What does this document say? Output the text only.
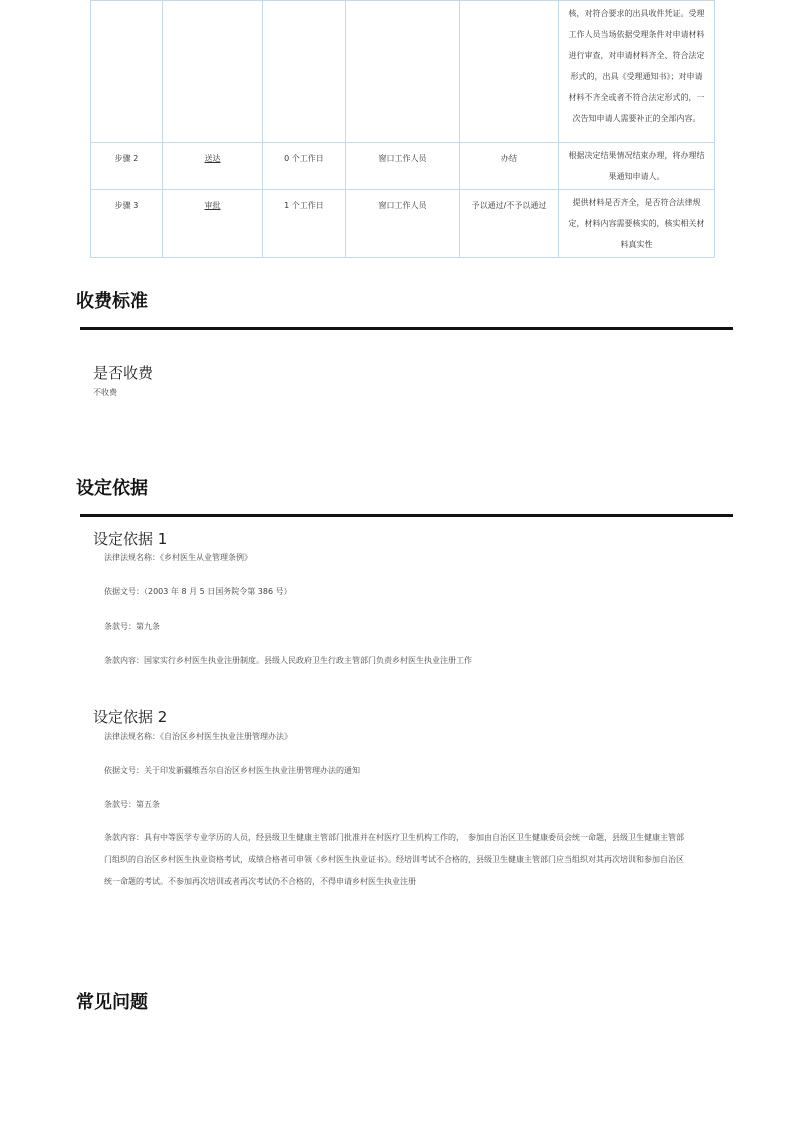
					核，对符合要求的出具收件凭证。受理工作人员当场依据受理条件对申请材料进行审查，对申请材料齐全、符合法定形式的，出具《受理通知书》；对申请材料不齐全或者不符合法定形式的，一次告知申请人需要补正的全部内容。
步骤 2	送达	0 个工作日	窗口工作人员	办结	根据决定结果情况结束办理，将办理结果通知申请人。
步骤 3	审批	1 个工作日	窗口工作人员	予以通过/不予以通过	提供材料是否齐全，是否符合法律规定，材料内容需要核实的，核实相关材料真实性
收费标准
是否收费
不收费
设定依据
设定依据 1
法律法规名称：《乡村医生从业管理条例》
依据文号：（2003 年 8 月 5 日国务院令第 386 号）
条款号：第九条
条款内容：国家实行乡村医生执业注册制度。县级人民政府卫生行政主管部门负责乡村医生执业注册工作
设定依据 2
法律法规名称：《自治区乡村医生执业注册管理办法》
依据文号：关于印发新疆维吾尔自治区乡村医生执业注册管理办法的通知
条款号：第五条
条款内容：具有中等医学专业学历的人员，经县级卫生健康主管部门批准并在村医疗卫生机构工作的，　参加由自治区卫生健康委员会统一命题，县级卫生健康主管部门组织的自治区乡村医生执业资格考试，成绩合格者可申领《乡村医生执业证书》。经培训考试不合格的，县级卫生健康主管部门应当组织对其再次培训和参加自治区统一命题的考试。不参加再次培训或者再次考试仍不合格的，不得申请乡村医生执业注册
常见问题
